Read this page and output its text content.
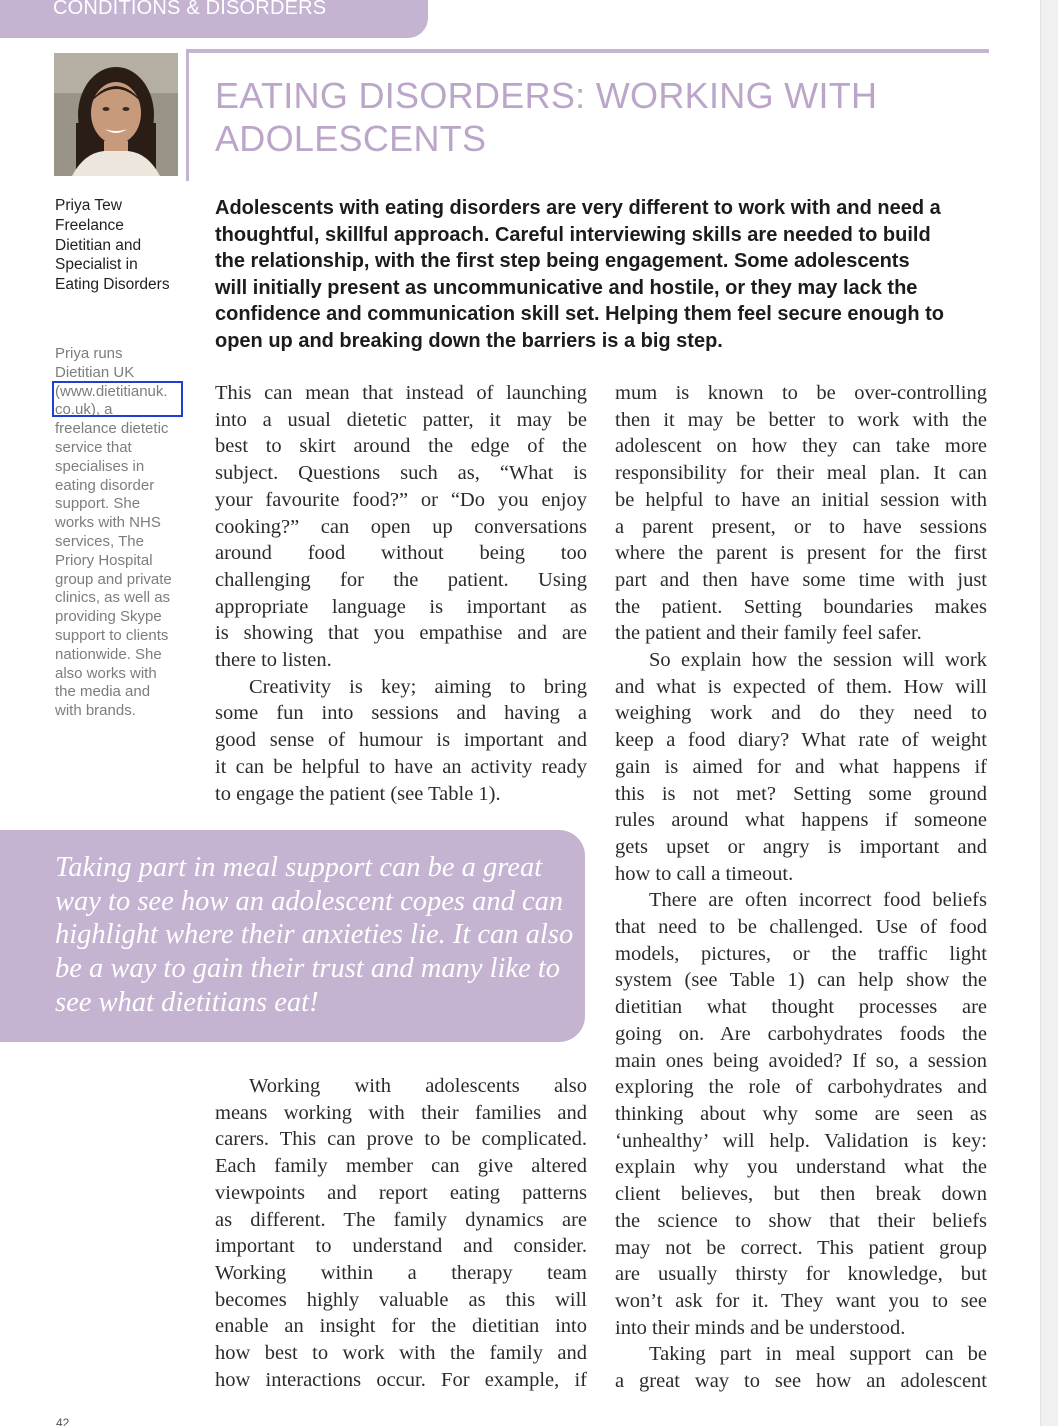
CONDITIONS & DISORDERS
EATING DISORDERS: WORKING WITH
ADOLESCENTS
Priya Tew
Freelance
Dietitian and
Specialist in
Eating Disorders
Priya runs
Dietitian UK
(www.dietitianuk.
co.uk), a
freelance dietetic
service that
specialises in
eating disorder
support. She
works with NHS
services, The
Priory Hospital
group and private
clinics, as well as
providing Skype
support to clients
nationwide. She
also works with
the media and
with brands.
Adolescents with eating disorders are very different to work with and need a
thoughtful, skillful approach. Careful interviewing skills are needed to build
the relationship, with the first step being engagement. Some adolescents
will initially present as uncommunicative and hostile, or they may lack the
confidence and communication skill set. Helping them feel secure enough to
open up and breaking down the barriers is a big step.
This can mean that instead of launching
into a usual dietetic patter, it may be
best to skirt around the edge of the
subject. Questions such as, “What is
your favourite food?” or “Do you enjoy
cooking?” can open up conversations
around food without being too
challenging for the patient. Using
appropriate language is important as
is showing that you empathise and are
there to listen.
Creativity is key; aiming to bring
some fun into sessions and having a
good sense of humour is important and
it can be helpful to have an activity ready
to engage the patient (see Table 1).
Taking part in meal support can be a great
way to see how an adolescent copes and can
highlight where their anxieties lie. It can also
be a way to gain their trust and many like to
see what dietitians eat!
Working with adolescents also
means working with their families and
carers. This can prove to be complicated.
Each family member can give altered
viewpoints and report eating patterns
as different. The family dynamics are
important to understand and consider.
Working within a therapy team
becomes highly valuable as this will
enable an insight for the dietitian into
how best to work with the family and
how interactions occur. For example, if
mum is known to be over-controlling
then it may be better to work with the
adolescent on how they can take more
responsibility for their meal plan. It can
be helpful to have an initial session with
a parent present, or to have sessions
where the parent is present for the first
part and then have some time with just
the patient. Setting boundaries makes
the patient and their family feel safer.
So explain how the session will work
and what is expected of them. How will
weighing work and do they need to
keep a food diary? What rate of weight
gain is aimed for and what happens if
this is not met? Setting some ground
rules around what happens if someone
gets upset or angry is important and
how to call a timeout.
There are often incorrect food beliefs
that need to be challenged. Use of food
models, pictures, or the traffic light
system (see Table 1) can help show the
dietitian what thought processes are
going on. Are carbohydrates foods the
main ones being avoided? If so, a session
exploring the role of carbohydrates and
thinking about why some are seen as
‘unhealthy’ will help. Validation is key:
explain why you understand what the
client believes, but then break down
the science to show that their beliefs
may not be correct. This patient group
are usually thirsty for knowledge, but
won’t ask for it. They want you to see
into their minds and be understood.
Taking part in meal support can be
a great way to see how an adolescent
42
